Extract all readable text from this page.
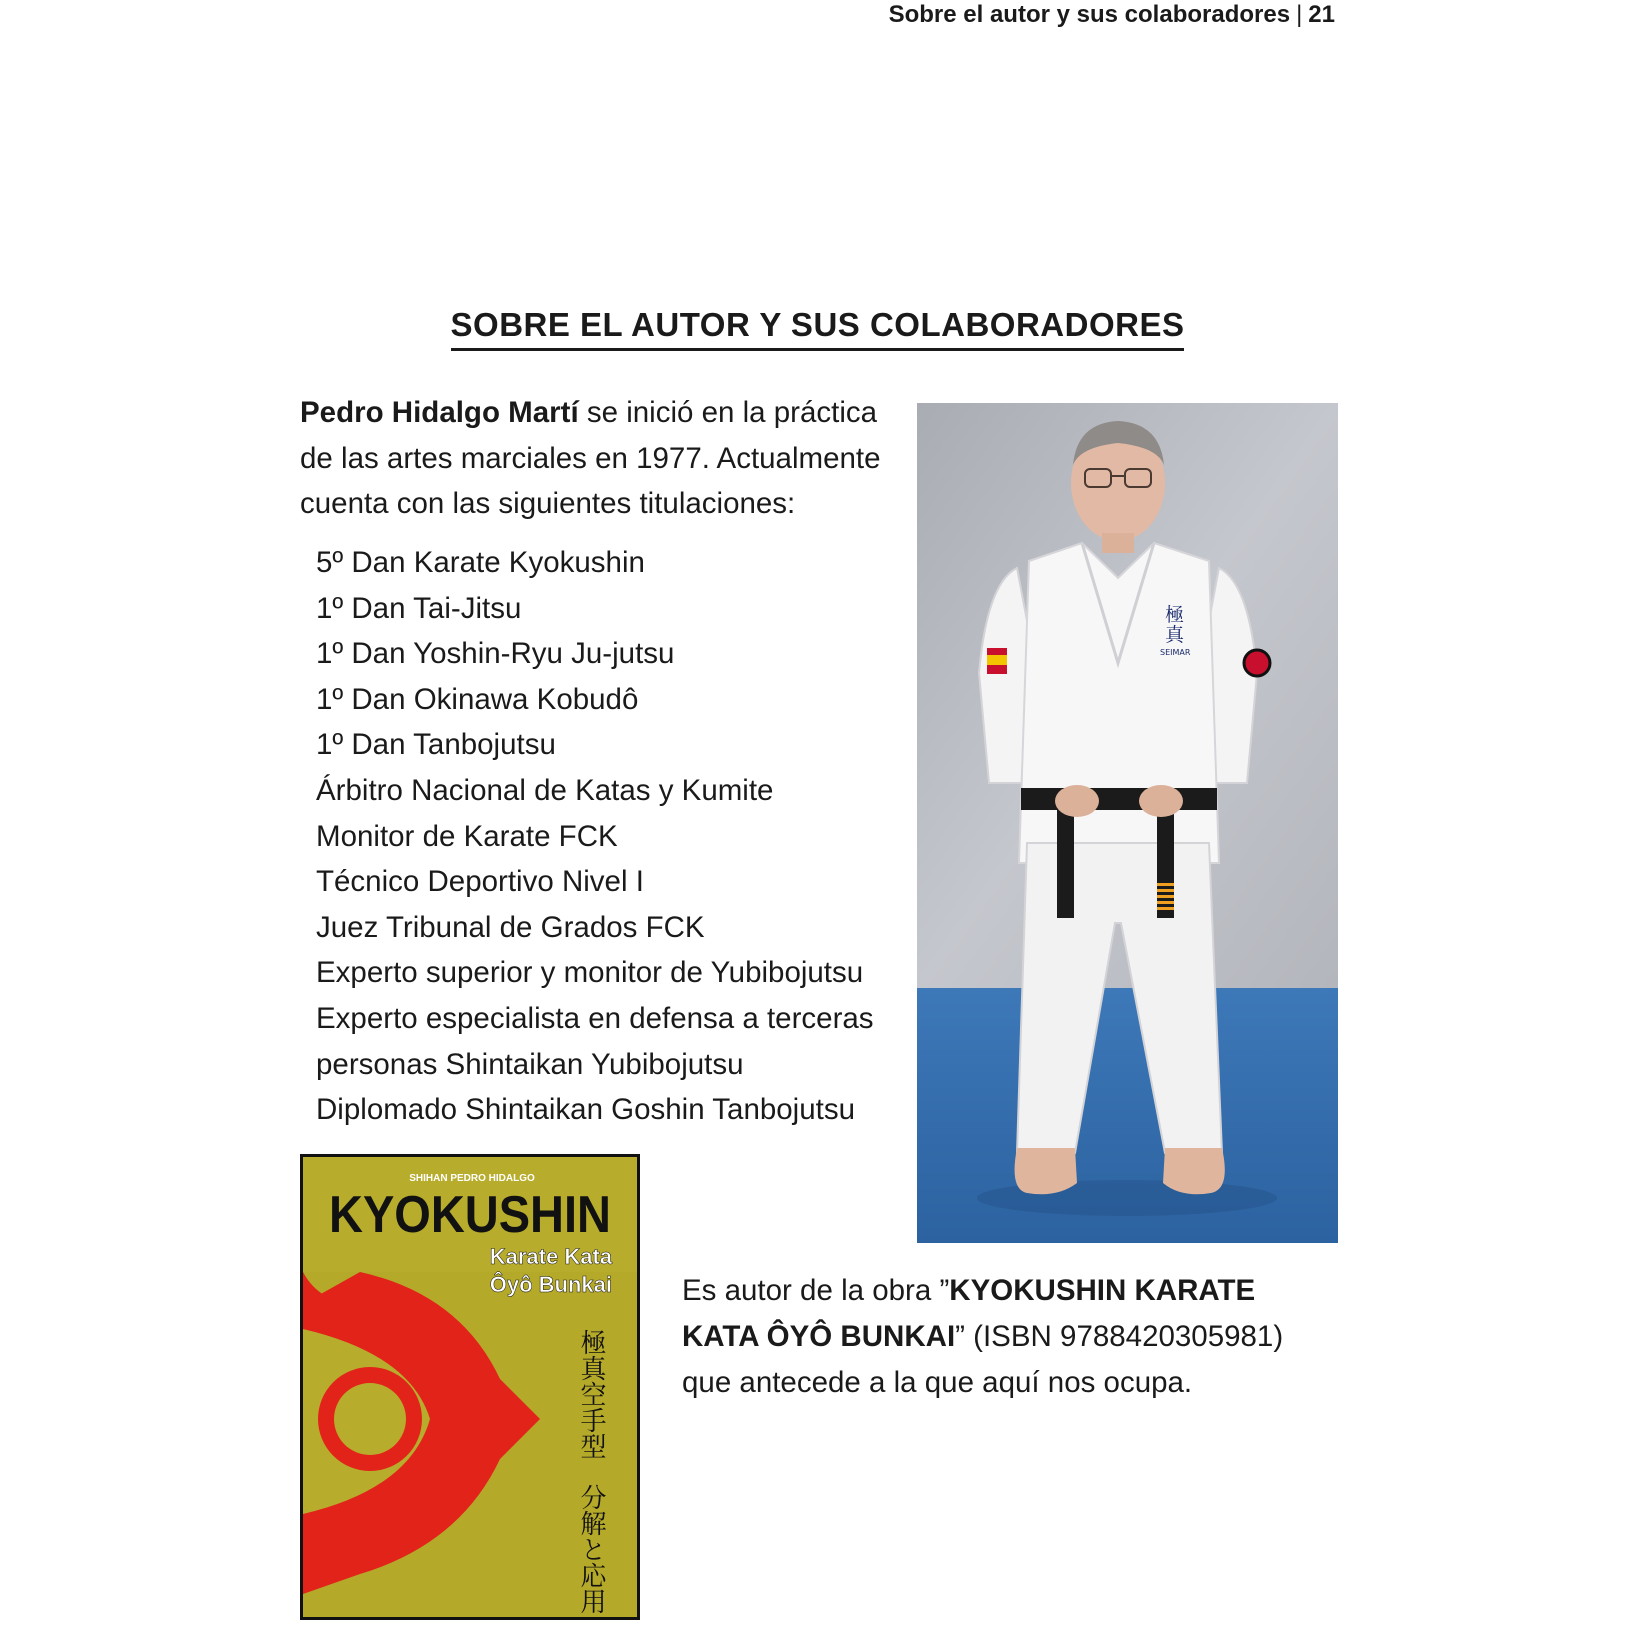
Sobre el autor y sus colaboradores | 21
SOBRE EL AUTOR Y SUS COLABORADORES

Pedro Hidalgo Martí se inició en la práctica de las artes marciales en 1977. Actualmente cuenta con las siguientes titulaciones:

5º Dan Karate Kyokushin
1º Dan Tai-Jitsu
1º Dan Yoshin-Ryu Ju-jutsu
1º Dan Okinawa Kobudô
1º Dan Tanbojutsu
Árbitro Nacional de Katas y Kumite
Monitor de Karate FCK
Técnico Deportivo Nivel I
Juez Tribunal de Grados FCK
Experto superior y monitor de Yubibojutsu
Experto especialista en defensa a terceras personas Shintaikan Yubibojutsu
Diplomado Shintaikan Goshin Tanbojutsu
極
真
SEIMAR
SHIHAN PEDRO HIDALGO
KYOKUSHIN
Karate Kata
Ôyô Bunkai
極真空手型
分解と応用

Es autor de la obra ”KYOKUSHIN KARATE KATA ÔYÔ BUNKAI” (ISBN 9788420305981) que antecede a la que aquí nos ocupa.
